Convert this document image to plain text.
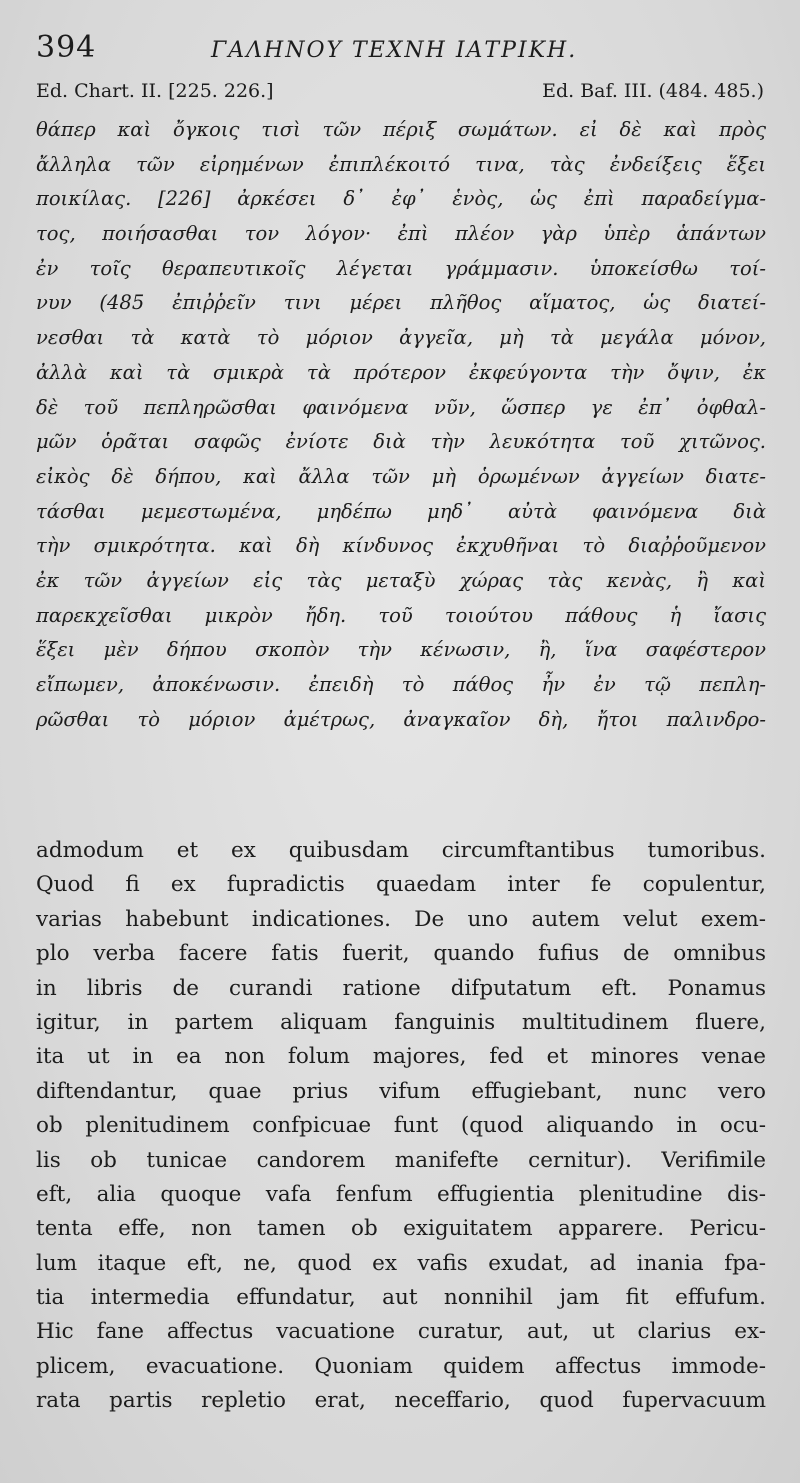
394	ΓΑΛΗΝΟΥ ΤΕΧΝΗ ΙΑΤΡΙΚΗ.
Ed. Chart. II. [225. 226.]	Ed. Baf. III. (484. 485.)
θάπερ καὶ ὄγκοις τισὶ τῶν πέριξ σωμάτων. εἰ δὲ καὶ πρὸς
ἄλληλα τῶν εἰρημένων ἐπιπλέκοιτό τινα, τὰς ἐνδείξεις ἕξει
ποικίλας. [226] ἀρκέσει δ᾽ ἐφ᾽ ἑνὸς, ὡς ἐπὶ παραδείγμα-
τος, ποιήσασθαι τον λόγον· ἐπὶ πλέον γὰρ ὑπὲρ ἁπάντων
ἐν τοῖς θεραπευτικοῖς λέγεται γράμμασιν. ὑποκείσθω τοί-
νυν (485 ἐπιῤῥεῖν τινι μέρει πλῆθος αἵματος, ὡς διατεί-
νεσθαι τὰ κατὰ τὸ μόριον ἀγγεῖα, μὴ τὰ μεγάλα μόνον,
ἀλλὰ καὶ τὰ σμικρὰ τὰ πρότερον ἐκφεύγοντα τὴν ὄψιν, ἐκ
δὲ τοῦ πεπληρῶσθαι φαινόμενα νῦν, ὥσπερ γε ἐπ᾽ ὀφθαλ-
μῶν ὁρᾶται σαφῶς ἐνίοτε διὰ τὴν λευκότητα τοῦ χιτῶνος.
εἰκὸς δὲ δήπου, καὶ ἄλλα τῶν μὴ ὁρωμένων ἀγγείων διατε-
τάσθαι μεμεστωμένα, μηδέπω μηδ᾽ αὐτὰ φαινόμενα διὰ
τὴν σμικρότητα. καὶ δὴ κίνδυνος ἐκχυθῆναι τὸ διαῤῥοῦμενον
ἐκ τῶν ἀγγείων εἰς τὰς μεταξὺ χώρας τὰς κενὰς, ἢ καὶ
παρεκχεῖσθαι μικρὸν ἤδη. τοῦ τοιούτου πάθους ἡ ἴασις
ἕξει μὲν δήπου σκοπὸν τὴν κένωσιν, ἢ, ἵνα σαφέστερον
εἴπωμεν, ἀποκένωσιν. ἐπειδὴ τὸ πάθος ἦν ἐν τῷ πεπλη-
ρῶσθαι τὸ μόριον ἀμέτρως, ἀναγκαῖον δὴ, ἤτοι παλινδρο-
admodum et ex quibusdam circumftantibus tumoribus.
Quod fi ex fupradictis quaedam inter fe copulentur,
varias habebunt indicationes. De uno autem velut exem-
plo verba facere fatis fuerit, quando fufius de omnibus
in libris de curandi ratione difputatum eft. Ponamus
igitur, in partem aliquam fanguinis multitudinem fluere,
ita ut in ea non folum majores, fed et minores venae
diftendantur, quae prius vifum effugiebant, nunc vero
ob plenitudinem confpicuae funt (quod aliquando in ocu-
lis ob tunicae candorem manifefte cernitur). Verifimile
eft, alia quoque vafa fenfum effugientia plenitudine dis-
tenta effe, non tamen ob exiguitatem apparere. Pericu-
lum itaque eft, ne, quod ex vafis exudat, ad inania fpa-
tia intermedia effundatur, aut nonnihil jam fit effufum.
Hic fane affectus vacuatione curatur, aut, ut clarius ex-
plicem, evacuatione. Quoniam quidem affectus immode-
rata partis repletio erat, neceffario, quod fupervacuum
